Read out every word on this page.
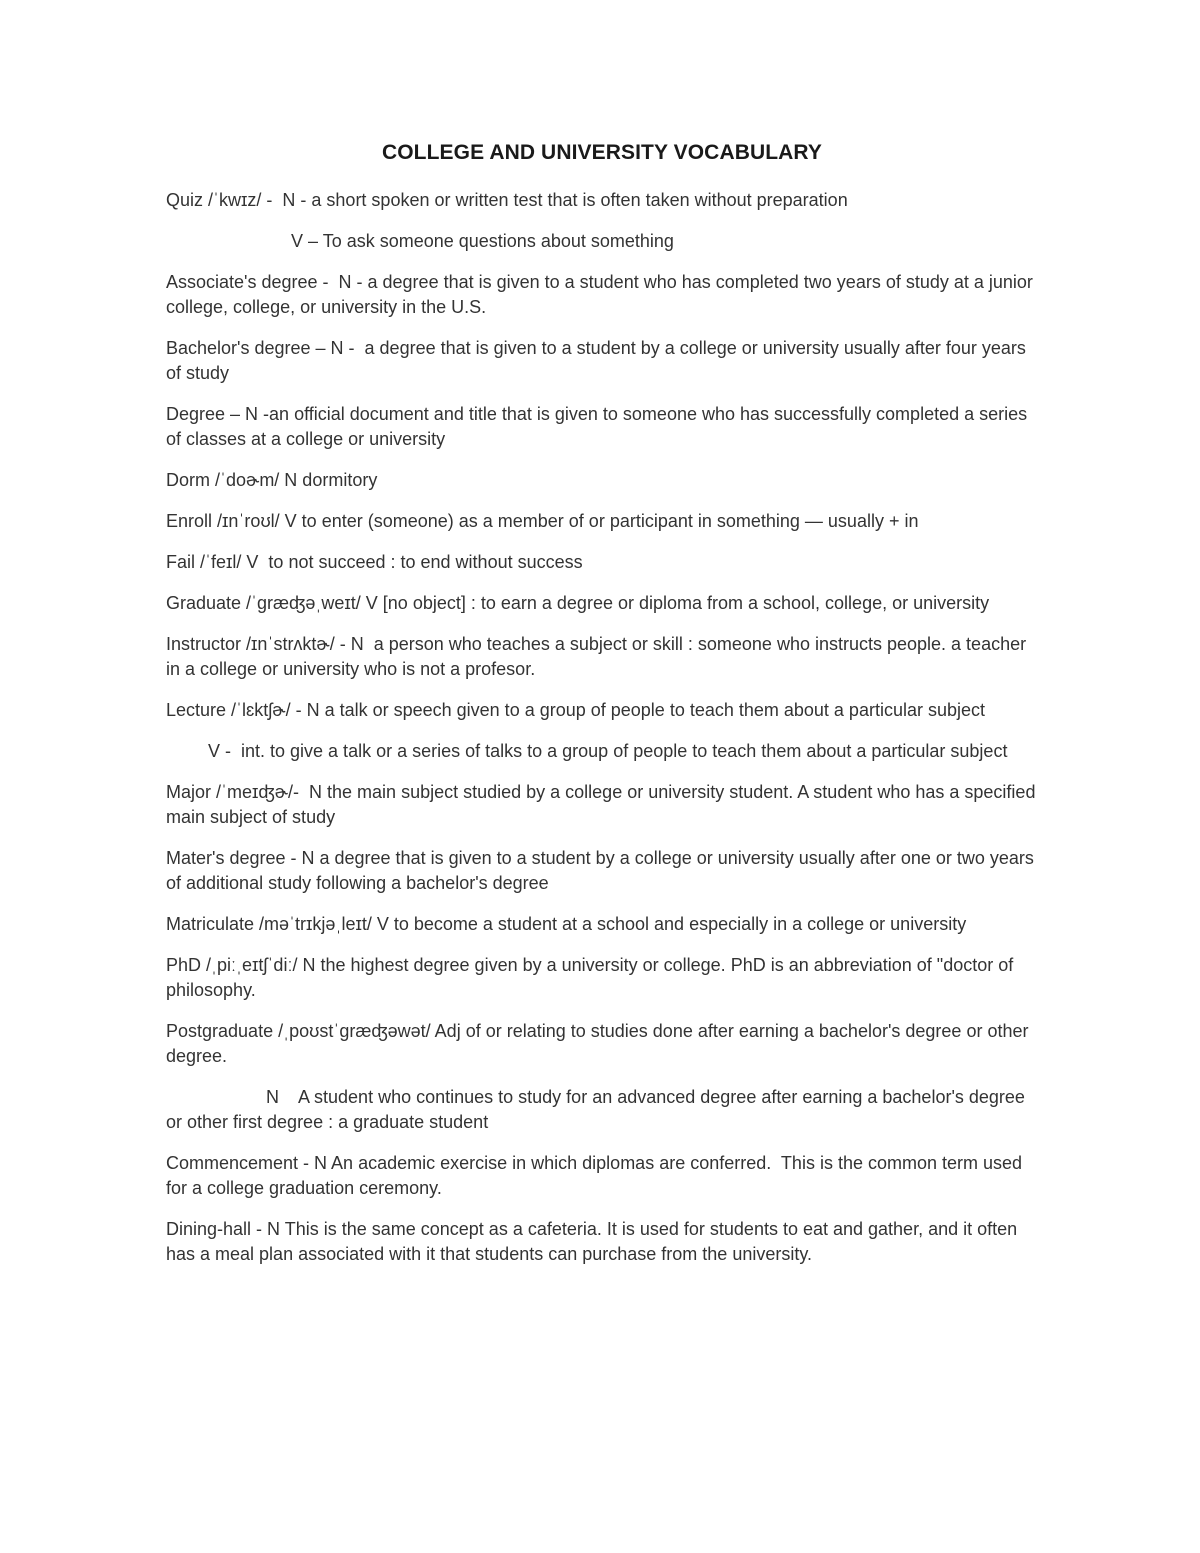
COLLEGE AND UNIVERSITY VOCABULARY

Quiz /ˈkwɪz/ -  N - a short spoken or written test that is often taken without preparation

V – To ask someone questions about something

Associate's degree -  N - a degree that is given to a student who has completed two years of study at a junior college, college, or university in the U.S.

Bachelor's degree – N -  a degree that is given to a student by a college or university usually after four years of study

Degree – N -an official document and title that is given to someone who has successfully completed a series of classes at a college or university

Dorm /ˈdoɚm/ N dormitory

Enroll /ɪnˈroʊl/ V to enter (someone) as a member of or participant in something — usually + in

Fail /ˈfeɪl/ V  to not succeed : to end without success

Graduate /ˈgræʤəˌweɪt/ V [no object] : to earn a degree or diploma from a school, college, or university

Instructor /ɪnˈstrʌktɚ/ - N  a person who teaches a subject or skill : someone who instructs people. a teacher in a college or university who is not a profesor.

Lecture /ˈlɛktʃɚ/ - N a talk or speech given to a group of people to teach them about a particular subject

V -  int. to give a talk or a series of talks to a group of people to teach them about a particular subject

Major /ˈmeɪʤɚ/-  N the main subject studied by a college or university student. A student who has a specified main subject of study

Mater's degree - N a degree that is given to a student by a college or university usually after one or two years of additional study following a bachelor's degree

Matriculate /məˈtrɪkjəˌleɪt/ V to become a student at a school and especially in a college or university

PhD /ˌpiːˌeɪtʃˈdiː/ N the highest degree given by a university or college. PhD is an abbreviation of "doctor of philosophy.

Postgraduate /ˌpoʊstˈgræʤəwət/ Adj of or relating to studies done after earning a bachelor's degree or other degree.

N    A student who continues to study for an advanced degree after earning a bachelor's degree or other first degree : a graduate student

Commencement - N An academic exercise in which diplomas are conferred.  This is the common term used for a college graduation ceremony.

Dining-hall - N This is the same concept as a cafeteria. It is used for students to eat and gather, and it often has a meal plan associated with it that students can purchase from the university.
